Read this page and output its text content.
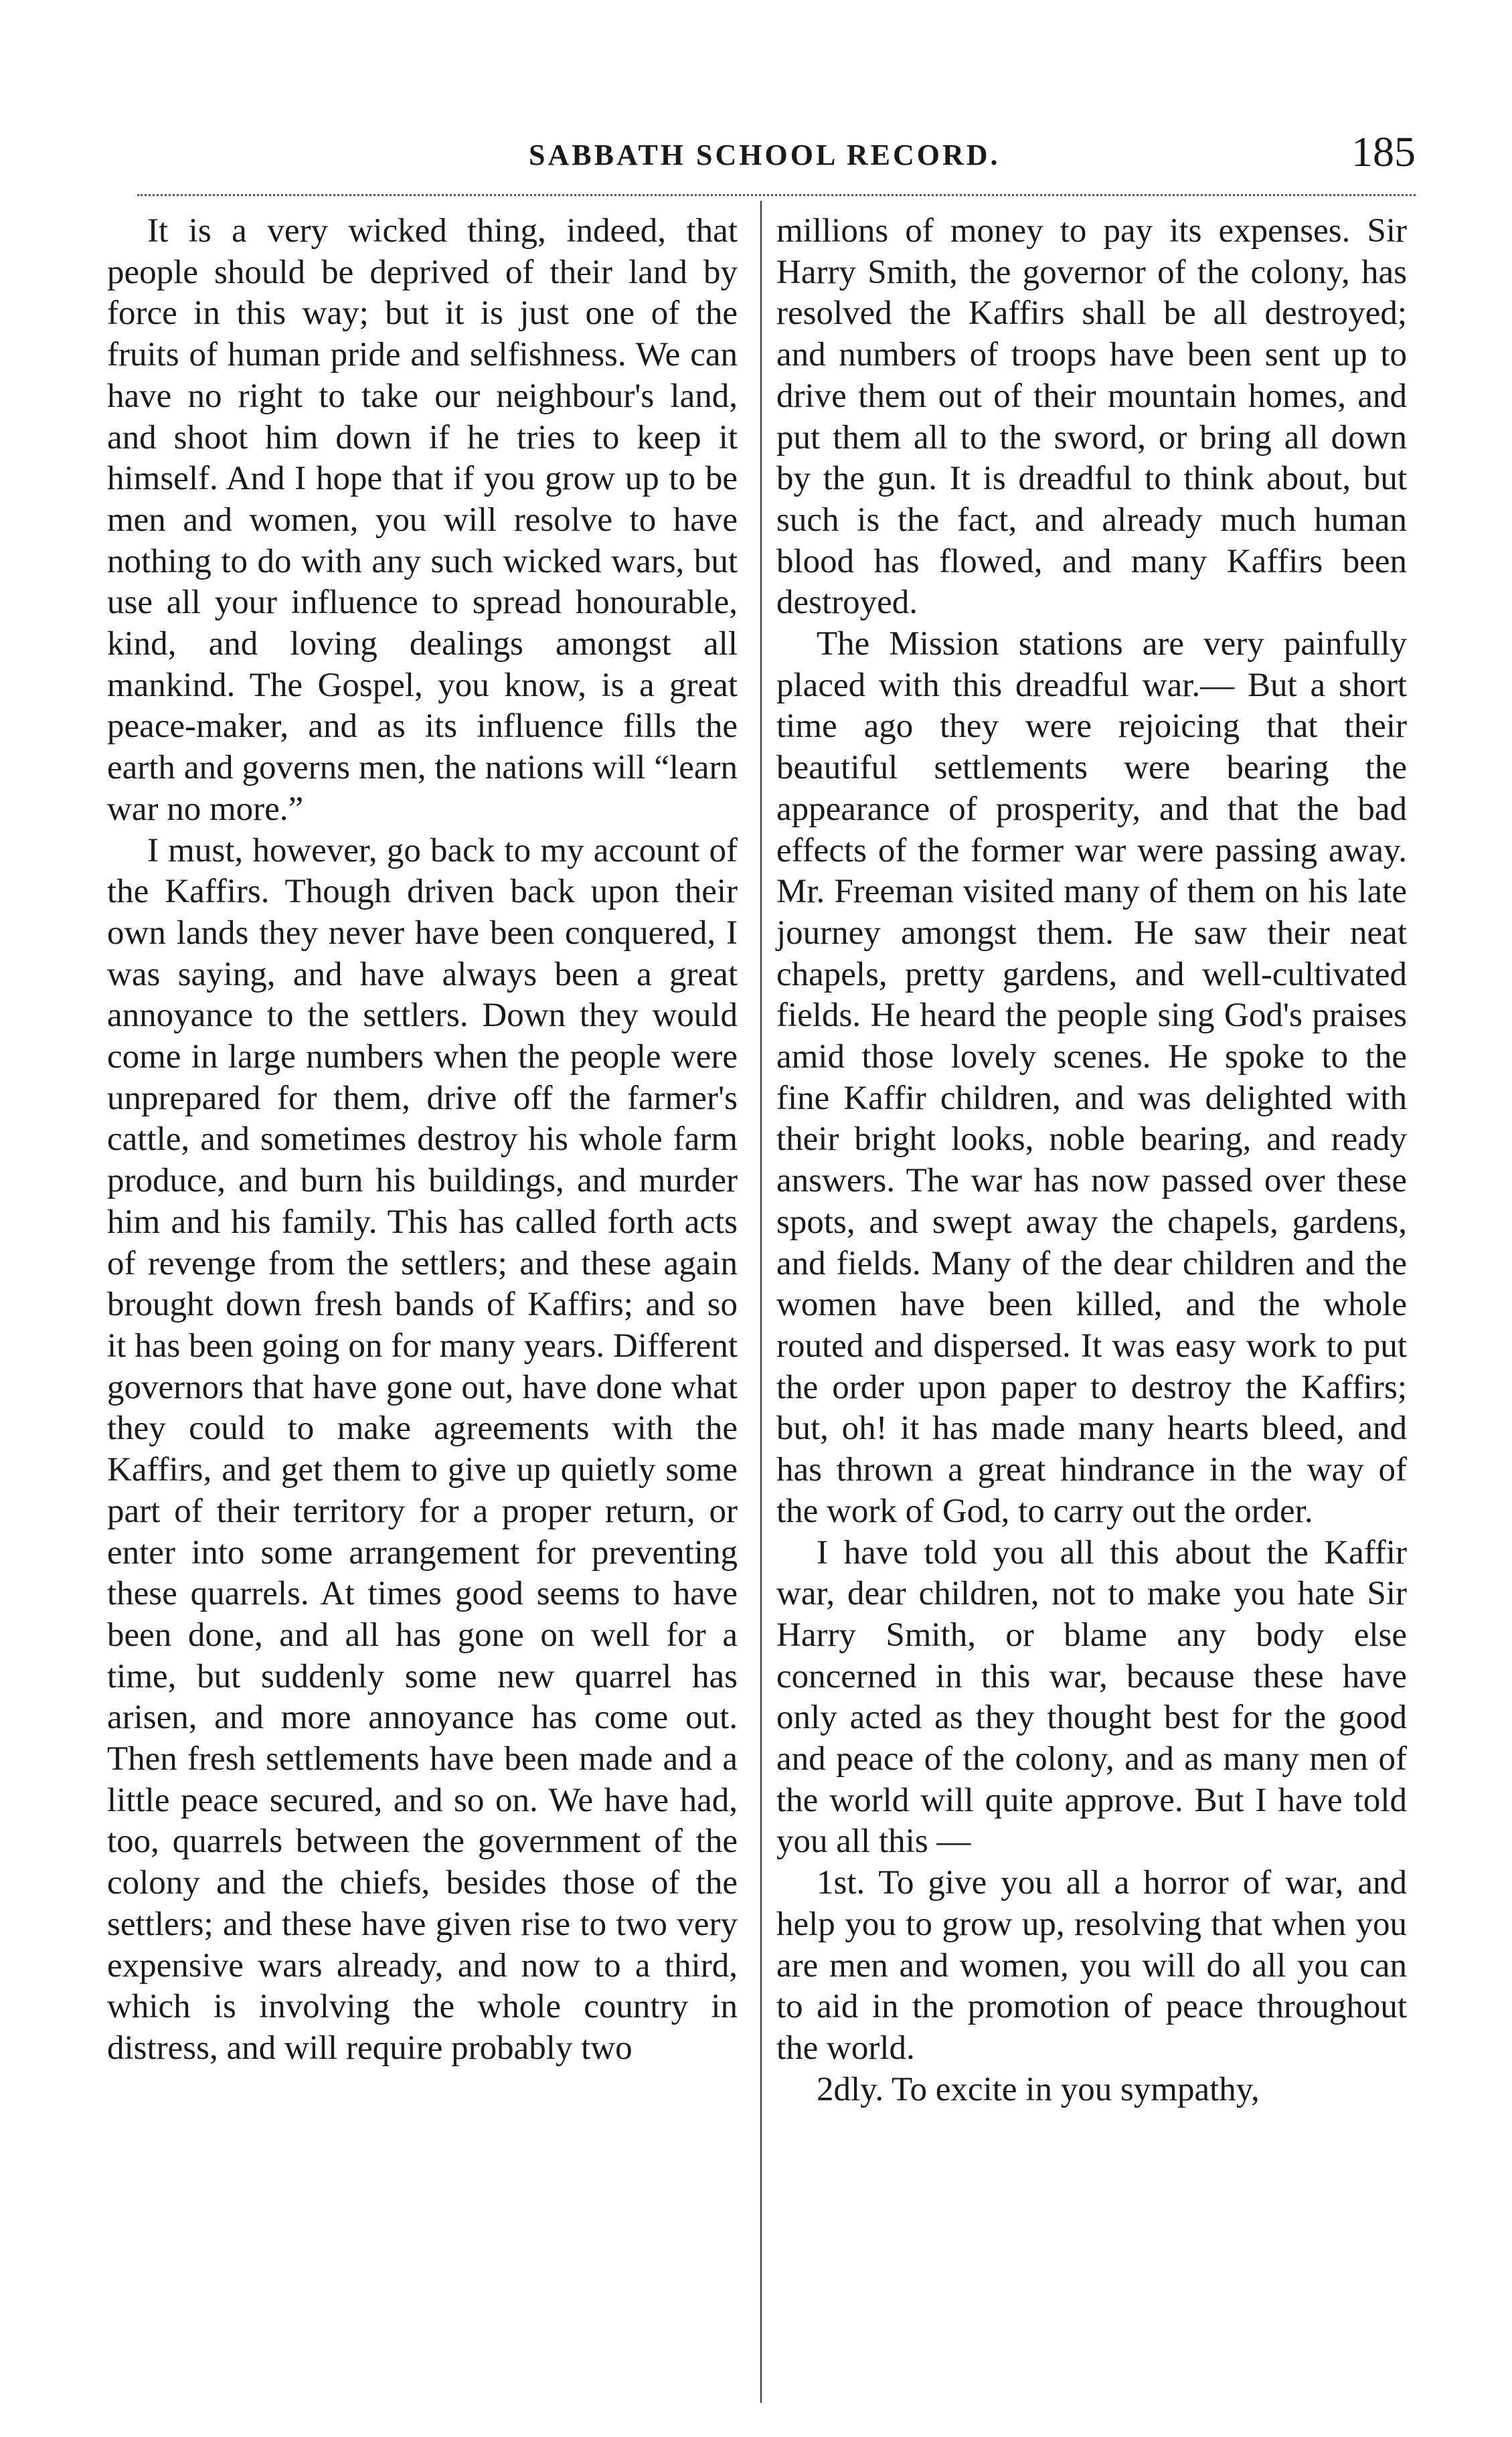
SABBATH SCHOOL RECORD.	185

It is a very wicked thing, indeed, that people should be deprived of their land by force in this way; but it is just one of the fruits of human pride and selfishness. We can have no right to take our neighbour's land, and shoot him down if he tries to keep it himself. And I hope that if you grow up to be men and women, you will resolve to have nothing to do with any such wicked wars, but use all your influence to spread honourable, kind, and loving dealings amongst all mankind. The Gospel, you know, is a great peace-maker, and as its influence fills the earth and governs men, the nations will “learn war no more.”

I must, however, go back to my account of the Kaffirs. Though driven back upon their own lands they never have been conquered, I was saying, and have always been a great annoyance to the settlers. Down they would come in large numbers when the people were unprepared for them, drive off the farmer's cattle, and sometimes destroy his whole farm produce, and burn his buildings, and murder him and his family. This has called forth acts of revenge from the settlers; and these again brought down fresh bands of Kaffirs; and so it has been going on for many years. Different governors that have gone out, have done what they could to make agreements with the Kaffirs, and get them to give up quietly some part of their territory for a proper return, or enter into some arrangement for preventing these quarrels. At times good seems to have been done, and all has gone on well for a time, but suddenly some new quarrel has arisen, and more annoyance has come out. Then fresh settlements have been made and a little peace secured, and so on. We have had, too, quarrels between the government of the colony and the chiefs, besides those of the settlers; and these have given rise to two very expensive wars already, and now to a third, which is involving the whole country in distress, and will require probably two

millions of money to pay its expenses. Sir Harry Smith, the governor of the colony, has resolved the Kaffirs shall be all destroyed; and numbers of troops have been sent up to drive them out of their mountain homes, and put them all to the sword, or bring all down by the gun. It is dreadful to think about, but such is the fact, and already much human blood has flowed, and many Kaffirs been destroyed.

The Mission stations are very painfully placed with this dreadful war.— But a short time ago they were rejoicing that their beautiful settlements were bearing the appearance of prosperity, and that the bad effects of the former war were passing away. Mr. Freeman visited many of them on his late journey amongst them. He saw their neat chapels, pretty gardens, and well-cultivated fields. He heard the people sing God's praises amid those lovely scenes. He spoke to the fine Kaffir children, and was delighted with their bright looks, noble bearing, and ready answers. The war has now passed over these spots, and swept away the chapels, gardens, and fields. Many of the dear children and the women have been killed, and the whole routed and dispersed. It was easy work to put the order upon paper to destroy the Kaffirs; but, oh! it has made many hearts bleed, and has thrown a great hindrance in the way of the work of God, to carry out the order.

I have told you all this about the Kaffir war, dear children, not to make you hate Sir Harry Smith, or blame any body else concerned in this war, because these have only acted as they thought best for the good and peace of the colony, and as many men of the world will quite approve. But I have told you all this —

1st. To give you all a horror of war, and help you to grow up, resolving that when you are men and women, you will do all you can to aid in the promotion of peace throughout the world.

2dly. To excite in you sympathy,
